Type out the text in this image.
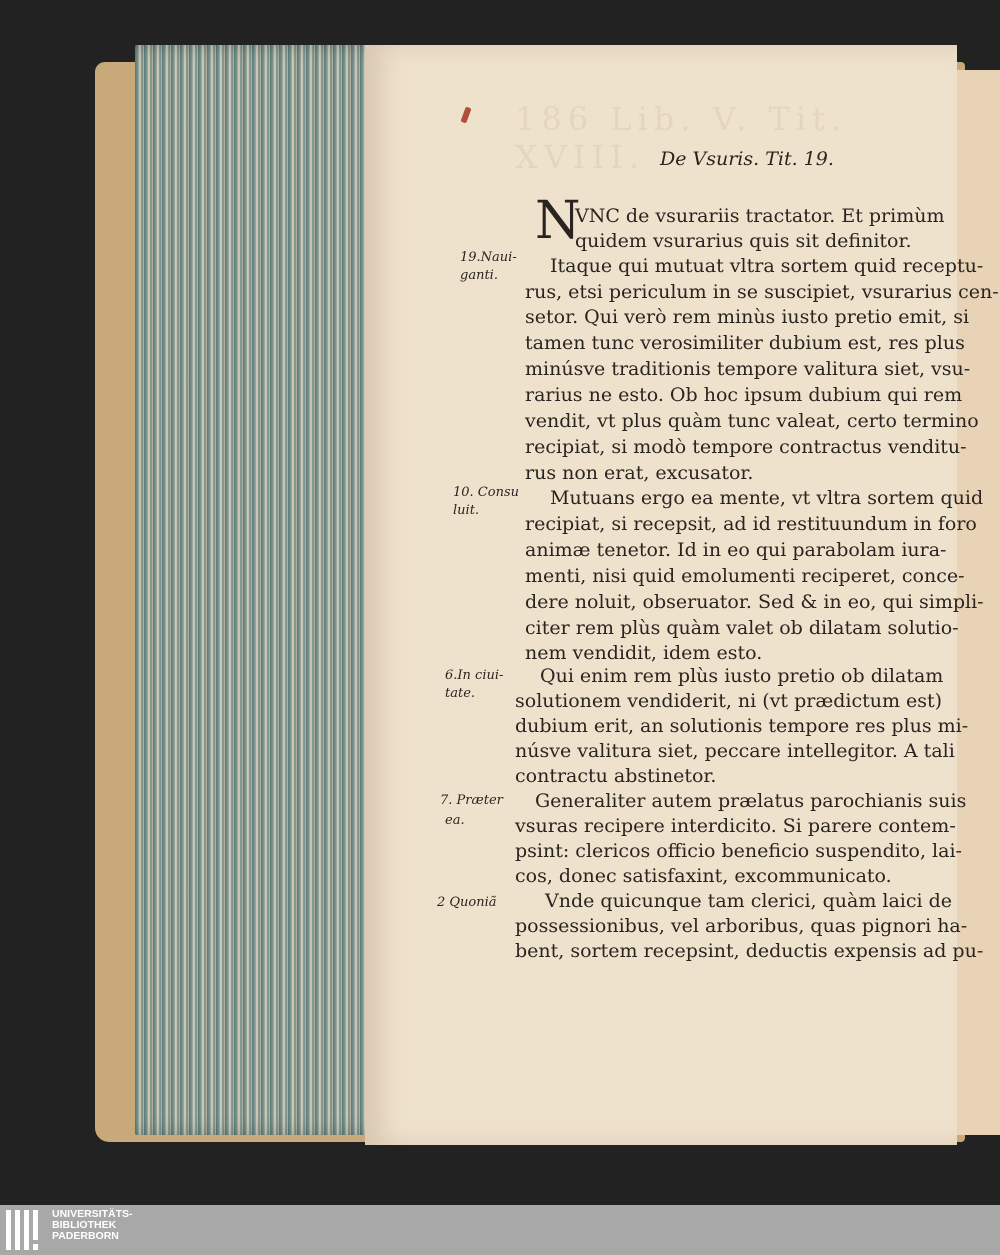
186 Lib. V. Tit. XVIII. De Vsuris. Tit. 19.
N
VNC de vsurariis tractator. Et primùm
quidem vsurarius quis sit definitor.
Itaque qui mutuat vltra sortem quid receptu-
rus, etsi periculum in se suscipiet, vsurarius cen-
setor. Qui verò rem minùs iusto pretio emit, si
tamen tunc verosimiliter dubium est, res plus
minúsve traditionis tempore valitura siet, vsu-
rarius ne esto. Ob hoc ipsum dubium qui rem
vendit, vt plus quàm tunc valeat, certo termino
recipiat, si modò tempore contractus venditu-
rus non erat, excusator.
Mutuans ergo ea mente, vt vltra sortem quid
recipiat, si recepsit, ad id restituundum in foro
animæ tenetor. Id in eo qui parabolam iura-
menti, nisi quid emolumenti reciperet, conce-
dere noluit, obseruator. Sed & in eo, qui simpli-
citer rem plùs quàm valet ob dilatam solutio-
nem vendidit, idem esto.
Qui enim rem plùs iusto pretio ob dilatam
solutionem vendiderit, ni (vt prædictum est)
dubium erit, an solutionis tempore res plus mi-
núsve valitura siet, peccare intellegitor. A tali
contractu abstinetor.
Generaliter autem prælatus parochianis suis
vsuras recipere interdicito. Si parere contem-
psint: clericos officio beneficio suspendito, lai-
cos, donec satisfaxint, excommunicato.
Vnde quicunque tam clerici, quàm laici de
possessionibus, vel arboribus, quas pignori ha-
bent, sortem recepsint, deductis expensis ad pu-
19.Naui-
ganti.
10. Consu
luit.
6.In ciui-
tate.
7. Præter
ea.
2 Quoniã
UNIVERSITÄTS-
BIBLIOTHEK
PADERBORN
